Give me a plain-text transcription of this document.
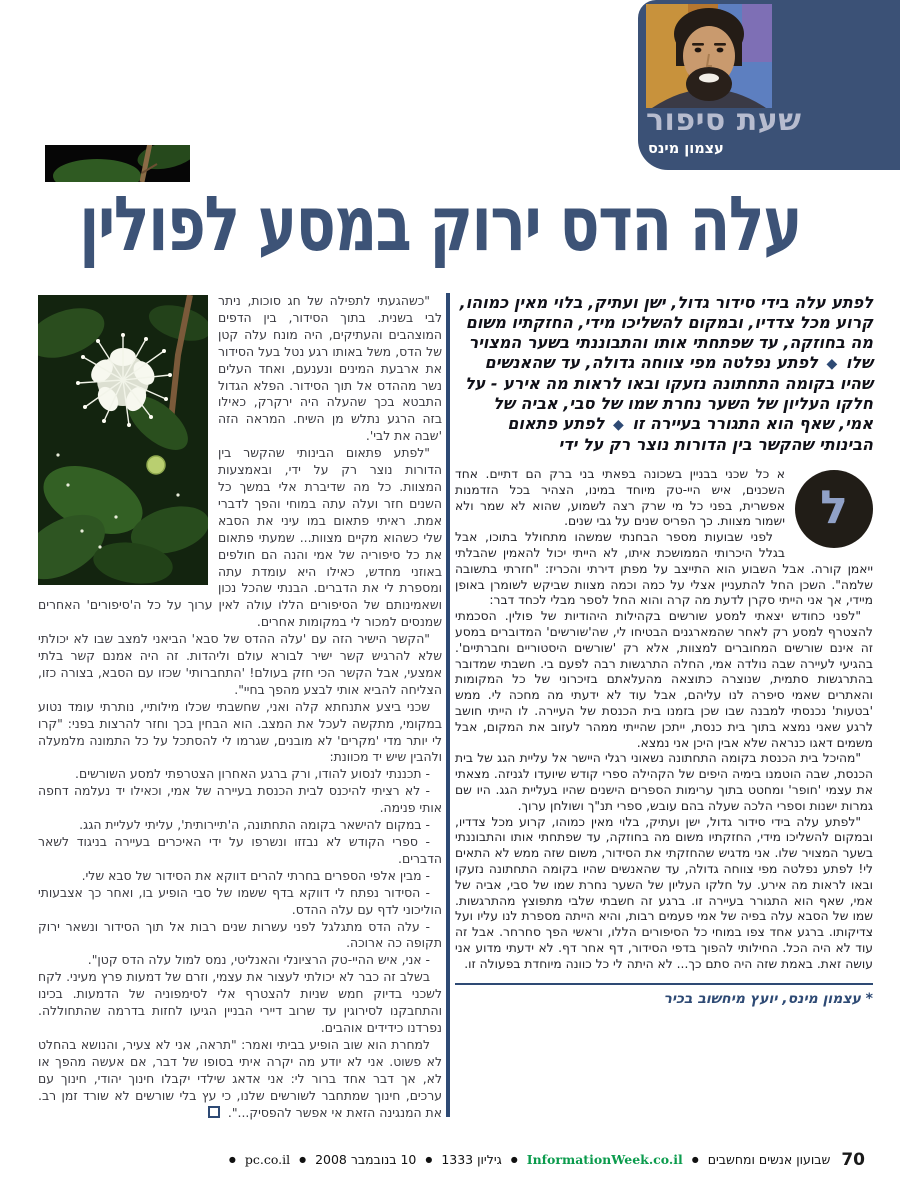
שעת סיפור
עצמון מינס
עלה הדס ירוק במסע לפולין

לפתע עלה בידי סידור גדול, ישן ועתיק, בלוי מאין כמוהו, קרוע מכל צדדיו, ובמקום להשליכו מידי, החזקתיו משום מה בחוזקה, עד שפתחתי אותו והתבוננתי בשער המצויר שלו ◆ לפתע נפלטה מפי צווחה גדולה, עד שהאנשים שהיו בקומה התחתונה נזעקו ובאו לראות מה אירע - על חלקו העליון של השער נחרת שמו של סבי, אביה של אמי, שאף הוא התגורר בעיירה זו ◆ לפתע פתאום הבינותי שהקשר בין הדורות נוצר רק על ידי

ל
א כל שכני בבניין בשכונה בפאתי בני ברק הם דתיים. אחד השכנים, איש היי-טק מיוחד במינו, הצהיר בכל הזדמנות אפשרית, בפני כל מי שרק רצה לשמוע, שהוא לא שמר ולא ישמור מצוות. כך הפריס שנים על גבי שנים.

לפני שבועות מספר הבחנתי שמשהו מתחולל בתוכו, אבל בגלל היכרותי הממושכת איתו, לא הייתי יכול להאמין שהבלתי ייאמן קורה. אבל השבוע הוא התייצב על מפתן דירתי והכריז: "חזרתי בתשובה שלמה". השכן החל להתעניין אצלי על כמה וכמה מצוות שביקש לשומרן באופן מיידי, אך אני הייתי סקרן לדעת מה קרה והוא החל לספר מבלי לכחד דבר:

"לפני כחודש יצאתי למסע שורשים בקהילות היהודיות של פולין. הסכמתי להצטרף למסע רק לאחר שהמארגנים הבטיחו לי, שה'שורשים' המדוברים במסע זה אינם שורשים המחוברים למצוות, אלא רק 'שורשים היסטוריים וחברתיים'. בהגיעי לעיירה שבה נולדה אמי, החלה התרגשות רבה לפעם בי. חשבתי שמדובר בהתרגשות סתמית, שנוצרה כתוצאה מהעלאתם בזיכרוני של כל המקומות והאתרים שאמי סיפרה לנו עליהם, אבל עוד לא ידעתי מה מחכה לי. ממש 'בטעות' נכנסתי למבנה שבו שכן בזמנו בית הכנסת של העיירה. לו הייתי חושב לרגע שאני נמצא בתוך בית כנסת, ייתכן שהייתי ממהר לעזוב את המקום, אבל משמים דאגו כנראה שלא אבין היכן אני נמצא.

"מהיכל בית הכנסת בקומה התחתונה נשאוני רגלי היישר אל עליית הגג של בית הכנסת, שבה הוטמנו בימיה היפים של הקהילה ספרי קודש שיועדו לגניזה. מצאתי את עצמי 'חופר' ומחטט בתוך ערימות הספרים הישנים שהיו בעליית הגג. היו שם גמרות ישנות וספרי הלכה שעלה בהם עובש, ספרי תנ"ך ושולחן ערוך.

"לפתע עלה בידי סידור גדול, ישן ועתיק, בלוי מאין כמוהו, קרוע מכל צדדיו, ובמקום להשליכו מידי, החזקתיו משום מה בחוזקה, עד שפתחתי אותו והתבוננתי בשער המצויר שלו. אני מדגיש שהחזקתי את הסידור, משום שזה ממש לא התאים לי! לפתע נפלטה מפי צווחה גדולה, עד שהאנשים שהיו בקומה התחתונה נזעקו ובאו לראות מה אירע. על חלקו העליון של השער נחרת שמו של סבי, אביה של אמי, שאף הוא התגורר בעיירה זו. ברגע זה חשבתי שלבי מתפוצץ מהתרגשות. שמו של הסבא עלה בפיה של אמי פעמים רבות, והיא הייתה מספרת לנו עליו ועל צדיקותו. ברגע אחד צפו במוחי כל הסיפורים הללו, וראשי הפך סחרחר. אבל זה עוד לא היה הכל. החילותי להפוך בדפי הסידור, דף אחר דף. לא ידעתי מדוע אני עושה זאת. באמת שזה היה סתם כך... לא היתה לי כל כוונה מיוחדת בפעולה זו.

* עצמון מינס, יועץ מיחשוב בכיר

"כשהגעתי לתפילה של חג סוכות, ניתר לבי בשנית. בתוך הסידור, בין הדפים המוצהבים והעתיקים, היה מונח עלה קטן של הדס, משל באותו רגע נטל בעל הסידור את ארבעת המינים ונענעם, ואחד העלים נשר מההדס אל תוך הסידור. הפלא הגדול התבטא בכך שהעלה היה ירקרק, כאילו בזה הרגע נתלש מן השיח. המראה הזה 'שבה את לבי'.

"לפתע פתאום הבינותי שהקשר בין הדורות נוצר רק על ידי, ובאמצעות המצוות. כל מה שדיברת אלי במשך כל השנים חזר ועלה עתה במוחי והפך לדברי אמת. ראיתי פתאום במו עיני את הסבא שלי כשהוא מקיים מצוות... שמעתי פתאום את כל סיפוריה של אמי והנה הם חולפים באוזני מחדש, כאילו היא עומדת עתה ומספרת לי את הדברים. הבנתי שהכל נכון ושאמינותם של הסיפורים הללו עולה לאין ערוך על כל ה'סיפורים' האחרים שמנסים למכור לי במקומות אחרים.

"הקשר הישיר הזה עם 'עלה ההדס של סבא' הביאני למצב שבו לא יכולתי שלא להרגיש קשר ישיר לבורא עולם וליהדות. זה היה אמנם קשר בלתי אמצעי, אבל הקשר הכי חזק בעולם! 'התחברותי' שכזו עם הסבא, בצורה כזו, הצליחה להביא אותי לבצע מהפך בחיי".

שכני ביצע אתנחתא קלה ואני, שחשבתי שכלו מילותיי, נותרתי עומד נטוע במקומי, מתקשה לעכל את המצב. הוא הבחין בכך וחזר להרצות בפני: "קרו לי יותר מדי 'מקרים' לא מובנים, שגרמו לי להסתכל על כל התמונה מלמעלה ולהבין שיש יד מכוונת:

- תכננתי לנסוע להודו, ורק ברגע האחרון הצטרפתי למסע השורשים.

- לא רציתי להיכנס לבית הכנסת בעיירה של אמי, וכאילו יד נעלמה דחפה אותי פנימה.

- במקום להישאר בקומה התחתונה, ה'תיירותית', עליתי לעליית הגג.

- ספרי הקודש לא נבזזו ונשרפו על ידי האיכרים בעיירה בניגוד לשאר הדברים.

- מבין אלפי הספרים בחרתי להרים דווקא את הסידור של סבא שלי.

- הסידור נפתח לי דווקא בדף ששמו של סבי הופיע בו, ואחר כך אצבעותי הוליכוני לדף עם עלה ההדס.

- עלה הדס מתגלגל לפני עשרות שנים רבות אל תוך הסידור ונשאר ירוק תקופה כה ארוכה.

- אני, איש ההיי-טק הרציונלי והאנליטי, נמס למול עלה הדס קטן".

בשלב זה כבר לא יכולתי לעצור את עצמי, וזרם של דמעות פרץ מעיני. לקח לשכני בדיוק חמש שניות להצטרף אלי לסימפוניה של הדמעות. בכינו והתחבקנו לסירוגין עד שרוב דיירי הבניין הגיעו לחזות בדרמה שהתחוללה. נפרדנו כידידים אוהבים.

למחרת הוא שוב הופיע בביתי ואמר: "תראה, אני לא צעיר, והנושא בהחלט לא פשוט. אני לא יודע מה יקרה איתי בסופו של דבר, אם אעשה מהפך או לא, אך דבר אחד ברור לי: אני אדאג שילדי יקבלו חינוך יהודי, חינוך עם ערכים, חינוך שמתחבר לשורשים שלנו, כי עץ בלי שורשים לא שורד זמן רב. את המנגינה הזאת אי אפשר להפסיק...".

70 שבועון אנשים ומחשבים ● InformationWeek.co.il ● גיליון 1333 ● 10 בנובמבר 2008 ● pc.co.il ●
